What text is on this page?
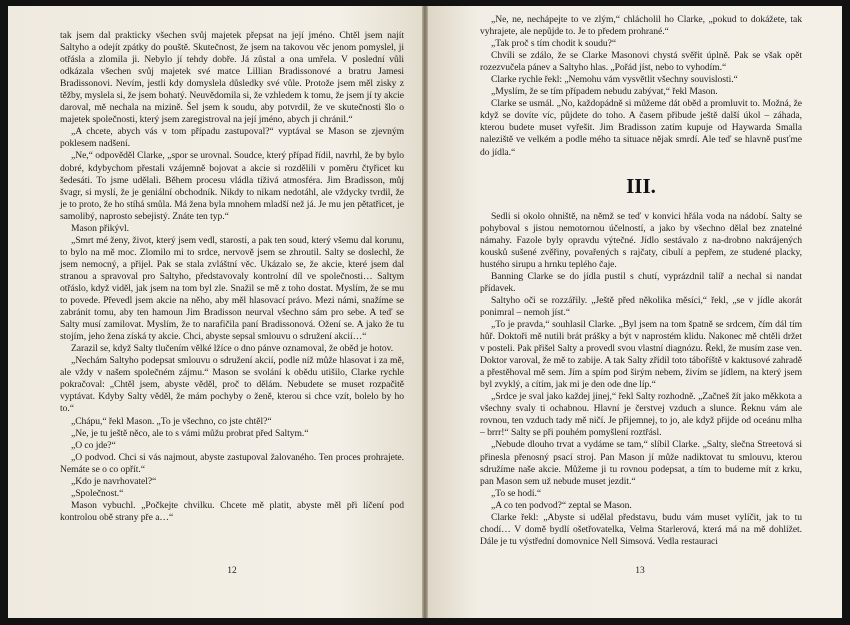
tak jsem dal prakticky všechen svůj majetek přepsat na její jméno. Chtěl jsem najít Saltyho a odejít zpátky do pouště. Skutečnost, že jsem na takovou věc jenom pomyslel, ji otřásla a zlomila ji. Nebylo jí tehdy dobře. Já zůstal a ona umřela. V poslední vůli odkázala všechen svůj majetek své matce Lillian Bradissonové a bratru Jamesi Bradissonovi. Nevím, jestli kdy domyslela důsledky své vůle. Protože jsem měl zisky z těžby, myslela si, že jsem bohatý. Neuvědomila si, že vzhledem k tomu, že jsem jí ty akcie daroval, mě nechala na mizině. Šel jsem k soudu, aby potvrdil, že ve skutečnosti šlo o majetek společnosti, který jsem zaregistroval na její jméno, abych ji chránil.“

„A chcete, abych vás v tom případu zastupoval?“ vyptával se Mason se zjevným poklesem nadšení.

„Ne,“ odpověděl Clarke, „spor se urovnal. Soudce, který případ řídil, navrhl, že by bylo dobré, kdybychom přestali vzájemně bojovat a akcie si rozdělili v poměru čtyřicet ku šedesáti. To jsme udělali. Během procesu vládla tíživá atmosféra. Jim Bradisson, můj švagr, si myslí, že je geniální obchodník. Nikdy to nikam nedotáhl, ale vždycky tvrdil, že je to proto, že ho stíhá smůla. Má žena byla mnohem mladší než já. Je mu jen pětatřicet, je samolibý, naprosto sebejistý. Znáte ten typ.“

Mason přikývl.

„Smrt mé ženy, život, který jsem vedl, starosti, a pak ten soud, který všemu dal korunu, to bylo na mě moc. Zlomilo mi to srdce, nervově jsem se zhroutil. Salty se doslechl, že jsem nemocný, a přijel. Pak se stala zvláštní věc. Ukázalo se, že akcie, které jsem dal stranou a spravoval pro Saltyho, představovaly kontrolní díl ve společnosti… Saltym otřáslo, když viděl, jak jsem na tom byl zle. Snažil se mě z toho dostat. Myslím, že se mu to povede. Převedl jsem akcie na něho, aby měl hlasovací právo. Mezi námi, snažíme se zabránit tomu, aby ten hamoun Jim Bradisson neurval všechno sám pro sebe. A teď se Salty musí zamilovat. Myslím, že to narafičila paní Bradissonová. Ožení se. A jako že tu stojím, jeho žena získá ty akcie. Chci, abyste sepsal smlouvu o sdružení akcií…“

Zarazil se, když Salty tlučením vělké lžíce o dno pánve oznamoval, že oběd je hotov.

„Nechám Saltyho podepsat smlouvu o sdružení akcií, podle níž může hlasovat i za mě, ale vždy v našem společném zájmu.“ Mason se svolání k obědu utišilo, Clarke rychle pokračoval: „Chtěl jsem, abyste věděl, proč to dělám. Nebudete se muset rozpačitě vyptávat. Kdyby Salty věděl, že mám pochyby o ženě, kterou si chce vzít, bolelo by ho to.“

„Chápu,“ řekl Mason. „To je všechno, co jste chtěl?“

„Ne, je tu ještě něco, ale to s vámi můžu probrat před Saltym.“

„O co jde?“

„O podvod. Chci si vás najmout, abyste zastupoval žalovaného. Ten proces prohrajete. Nemáte se o co opřít.“

„Kdo je navrhovatel?“

„Společnost.“

Mason vybuchl. „Počkejte chvilku. Chcete mě platit, abyste měl při líčení pod kontrolou obě strany pře a…“

12

„Ne, ne, nechápejte to ve zlým,“ chlácholil ho Clarke, „pokud to dokážete, tak vyhrajete, ale nepůjde to. Je to předem prohrané.“

„Tak proč s tím chodit k soudu?“

Chvíli se zdálo, že se Clarke Masonovi chystá svěřit úplně. Pak se však opět rozezvučela pánev a Saltyho hlas. „Pořád jíst, nebo to vyhodím.“

Clarke rychle řekl: „Nemohu vám vysvětlit všechny souvislosti.“

„Myslím, že se tím případem nebudu zabývat,“ řekl Mason.

Clarke se usmál. „No, každopádně si můžeme dát oběd a promluvit to. Možná, že když se dovíte víc, půjdete do toho. A časem přibude ještě další úkol – záhada, kterou budete muset vyřešit. Jim Bradisson zatím kupuje od Haywarda Smalla naleziště ve velkém a podle mého ta situace nějak smrdí. Ale teď se hlavně pusťme do jídla.“

III.

Sedli si okolo ohniště, na němž se teď v konvici hřála voda na nádobí. Salty se pohyboval s jistou nemotornou účelností, a jako by všechno dělal bez znatelné námahy. Fazole byly opravdu výtečné. Jídlo sestávalo z na-drobno nakrájených kousků sušené zvěřiny, povařených s rajčaty, cibulí a pepřem, ze studené placky, hustého sirupu a hrnku teplého čaje.

Banning Clarke se do jídla pustil s chutí, vyprázdnil talíř a nechal si nandat přídavek.

Saltyho oči se rozzářily. „Ještě před několika měsíci,“ řekl, „se v jídle akorát ponimral – nemoh jíst.“

„To je pravda,“ souhlasil Clarke. „Byl jsem na tom špatně se srdcem, čím dál tím hůř. Doktoři mě nutili brát prášky a být v naprostém klidu. Nakonec mě chtěli držet v posteli. Pak přišel Salty a provedl svou vlastní diagnózu. Řekl, že musím zase ven. Doktor varoval, že mě to zabije. A tak Salty zřídil toto táboříště v kaktusové zahradě a přestěhoval mě sem. Jím a spím pod širým nebem, živím se jídlem, na který jsem byl zvyklý, a cítím, jak mi je den ode dne líp.“

„Srdce je sval jako každej jinej,“ řekl Salty rozhodně. „Začneš žít jako měkkota a všechny svaly ti ochabnou. Hlavní je čerstvej vzduch a slunce. Řeknu vám ale rovnou, ten vzduch tady mě ničí. Je přijemnej, to jo, ale když přijde od oceánu mlha – brrr!“ Salty se při pouhém pomyšlení roztřásl.

„Nebude dlouho trvat a vydáme se tam,“ slíbil Clarke. „Salty, slečna Streetová si přinesla přenosný psací stroj. Pan Mason jí může nadiktovat tu smlouvu, kterou sdružíme naše akcie. Můžeme ji tu rovnou podepsat, a tím to budeme mít z krku, pan Mason sem už nebude muset jezdit.“

„To se hodí.“

„A co ten podvod?“ zeptal se Mason.

Clarke řekl: „Abyste si udělal představu, budu vám muset vylíčit, jak to tu chodí… V domě bydlí ošetřovatelka, Velma Starlerová, která má na mě dohlížet. Dále je tu výstřední domovnice Nell Simsová. Vedla restauraci

13
